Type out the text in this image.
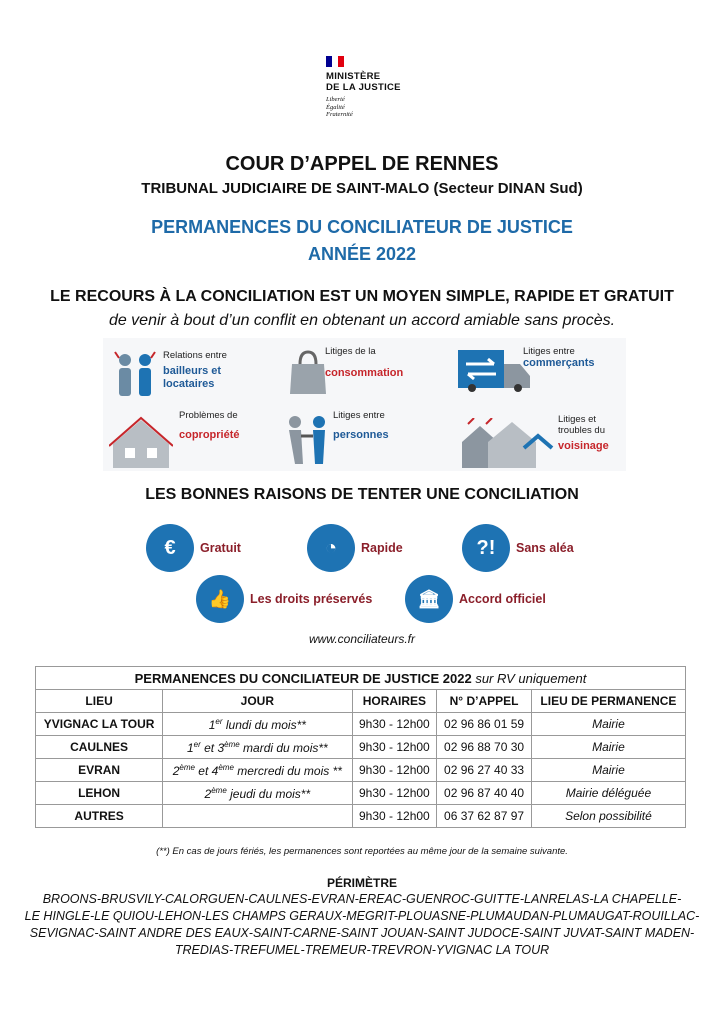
MINISTÈRE
DE LA JUSTICE
Liberté
Égalité
Fraternité
COUR D’APPEL DE RENNES
TRIBUNAL JUDICIAIRE DE SAINT-MALO (Secteur DINAN Sud)
PERMANENCES DU CONCILIATEUR DE JUSTICE
ANNÉE 2022
LE RECOURS À LA CONCILIATION EST UN MOYEN SIMPLE, RAPIDE ET GRATUIT
de venir à bout d’un conflit en obtenant un accord amiable sans procès.
Relations entre
bailleurs et
locataires
Litiges de la
consommation
Litiges entre
commerçants
Problèmes de
copropriété
Litiges entre
personnes
Litiges et troubles du
voisinage
LES BONNES RAISONS DE TENTER UNE CONCILIATION
€	Gratuit	◔	Rapide	?!	Sans aléa
👍	Les droits préservés	🏛	Accord officiel
www.conciliateurs.fr
PERMANENCES DU CONCILIATEUR DE JUSTICE 2022 sur RV uniquement				
LIEU	JOUR	HORAIRES	N° D’APPEL	LIEU DE PERMANENCE
YVIGNAC LA TOUR	1er lundi du mois**	9h30 - 12h00	02 96 86 01 59	Mairie
CAULNES	1er et 3ème mardi du mois**	9h30 - 12h00	02 96 88 70 30	Mairie
EVRAN	2ème et 4ème mercredi du mois **	9h30 - 12h00	02 96 27 40 33	Mairie
LEHON	2ème jeudi du mois**	9h30 - 12h00	02 96 87 40 40	Mairie déléguée
AUTRES		9h30 - 12h00	06 37 62 87 97	Selon possibilité
(**) En cas de jours fériés, les permanences sont reportées au même jour de la semaine suivante.
PÉRIMÈTRE
BROONS-BRUSVILY-CALORGUEN-CAULNES-EVRAN-EREAC-GUENROC-GUITTE-LANRELAS-LA CHAPELLE-
LE HINGLE-LE QUIOU-LEHON-LES CHAMPS GERAUX-MEGRIT-PLOUASNE-PLUMAUDAN-PLUMAUGAT-ROUILLAC-
SEVIGNAC-SAINT ANDRE DES EAUX-SAINT-CARNE-SAINT JOUAN-SAINT JUDOCE-SAINT JUVAT-SAINT MADEN-
TREDIAS-TREFUMEL-TREMEUR-TREVRON-YVIGNAC LA TOUR
